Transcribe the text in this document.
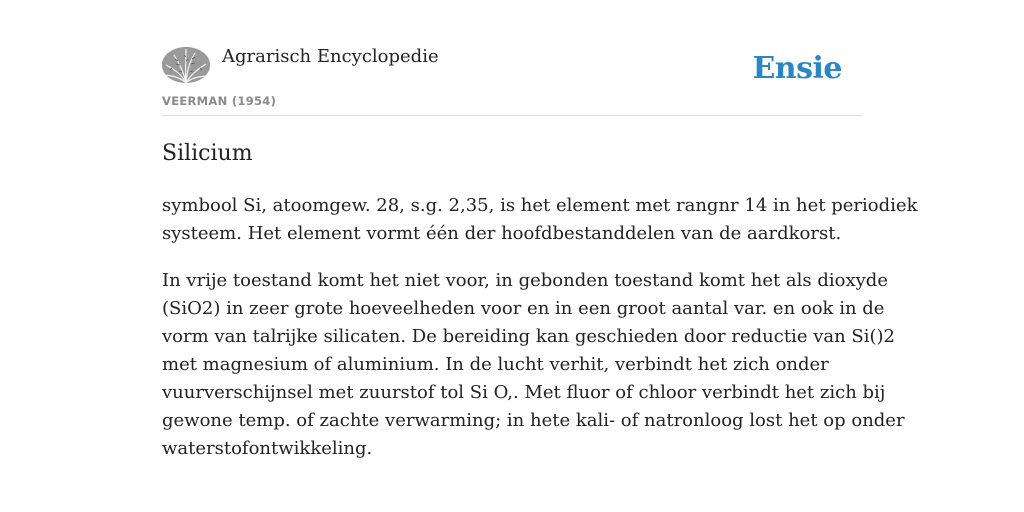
Agrarisch Encyclopedie
VEERMAN (1954)
Ensie
Silicium

symbool Si, atoomgew. 28, s.g. 2,35, is het element met rangnr 14 in het periodiek
systeem. Het element vormt één der hoofdbestanddelen van de aardkorst.

In vrije toestand komt het niet voor, in gebonden toestand komt het als dioxyde
(SiO2) in zeer grote hoeveelheden voor en in een groot aantal var. en ook in de
vorm van talrijke silicaten. De bereiding kan geschieden door reductie van Si()2
met magnesium of aluminium. In de lucht verhit, verbindt het zich onder
vuurverschijnsel met zuurstof tol Si O,. Met fluor of chloor verbindt het zich bij
gewone temp. of zachte verwarming; in hete kali- of natronloog lost het op onder
waterstofontwikkeling.
